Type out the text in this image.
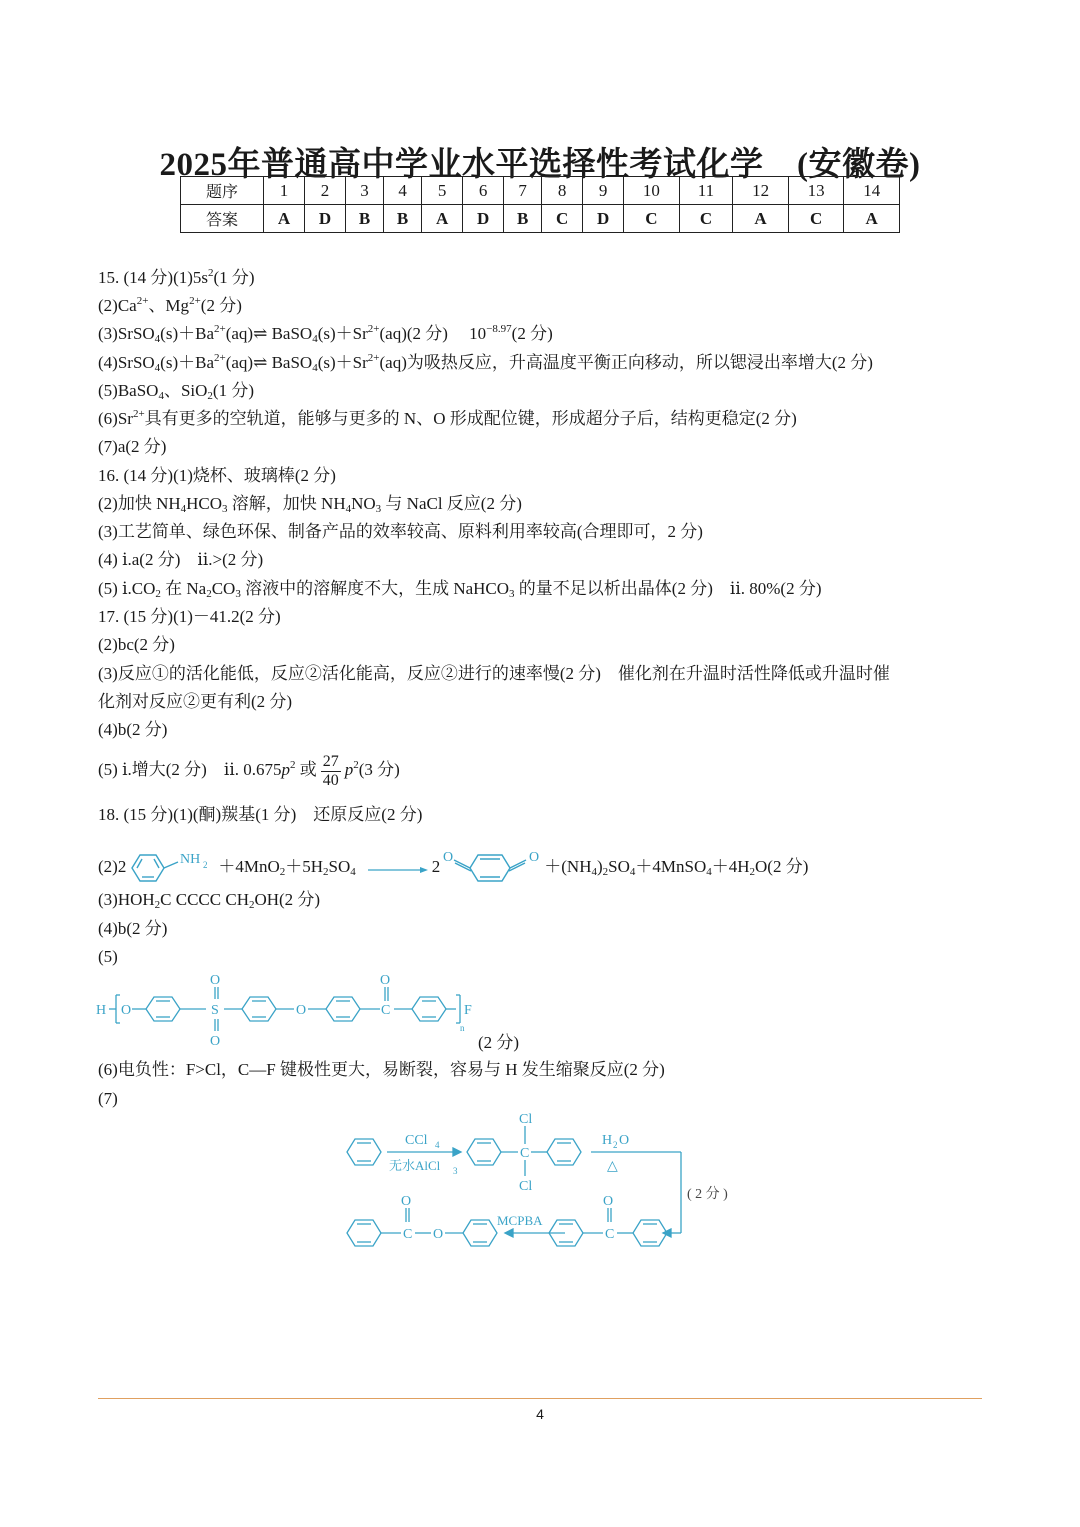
2025年普通高中学业水平选择性考试化学　(安徽卷)
题序	1	2	3	4	5	6	7	8	9	10	11	12	13	14
答案	A	D	B	B	A	D	B	C	D	C	C	A	C	A
15. (14 分)$(1)5s^2(1$ 分)
$(2)Ca^{2+}$、$Mg^{2+}(2$ 分)
$(3)SrSO_4(s)+Ba^{2+}(aq)\rightleftharpoons$ $BaSO_4(s)+Sr^{2+}(aq)(2$ 分)　 $10^{-8.97}(2$ 分)
$(4)SrSO_4(s)+Ba^{2+}(aq)\rightleftharpoons$ $BaSO_4(s)+Sr^{2+}(aq)$为吸热反应，升高温度平衡正向移动，所以锶浸出率增大(2 分)
(5)BaSO$_4$、SiO$_2$(1 分)
$(6)Sr^{2+}$具有更多的空轨道，能够与更多的 N、O 形成配位键，形成超分子后，结构更稳定(2 分)
(7)a(2 分)
16. (14 分)(1)烧杯、玻璃棒(2 分)
(2)加快 $NH_4HCO_3$ 溶解，加快 $NH_4NO_3$ 与 NaCl 反应(2 分)
(3)工艺简单、绿色环保、制备产品的效率较高、原料利用率较高(合理即可，2 分)
(4) ⅰ.a(2 分)　ⅱ.>(2 分)
(5) $ⅰ.CO_2$ 在 $Na_2CO_3$ 溶液中的溶解度不大，生成 NaHCO$_3$ 的量不足以析出晶体(2 分)　ⅱ. 80%(2 分)
17. (15 分)(1)－41.2(2 分)
(2)bc(2 分)
(3)反应①的活化能低，反应②活化能高，反应②进行的速率慢(2 分)　催化剂在升温时活性降低或升温时催
化剂对反应②更有利(2 分)
(4)b(2 分)
(5) ⅰ.增大(2 分)　ⅱ. $0.675p^2$ 或 $\frac{27}{40} p^2(3$ 分)
18. (15 分)(1)(酮)羰基(1 分)　还原反应(2 分)
(2)2	NH $2 +4MnO_2+5H_2SO_4$	2 O	$O +(NH_4)_2SO_4+4MnSO_4+4H_2O(2$ 分)
$(3)HOH_2C$ CCCC $CH_2OH(2$ 分)
(4)b(2 分)
(5)
H O
O
S
O
O
O
C	F
n
(2 分)
(6)电负性：F>Cl，C—F 键极性更大，易断裂，容易与 H 发生缩聚反应(2 分)
(7)
CCl 4
无水AlCl 3
Cl
C
Cl
H 2 O
△
( 2 分 )
O
C O
MCPBA
O
C
4
